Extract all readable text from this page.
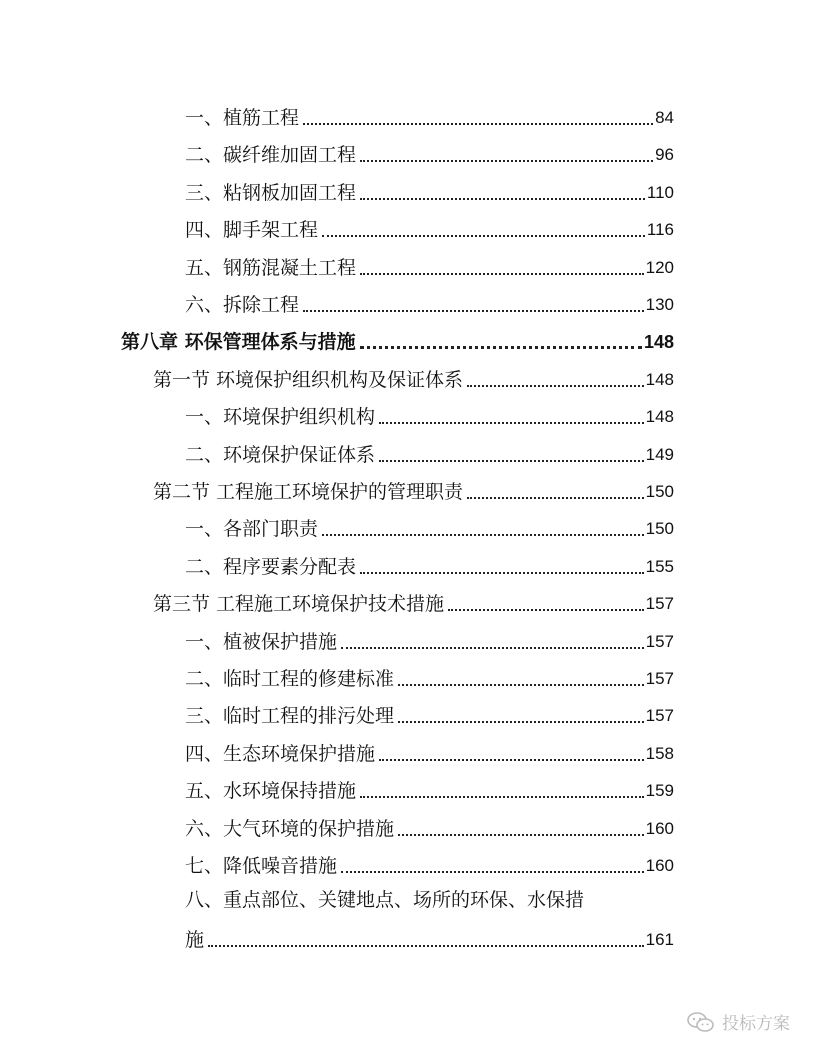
一、植筋工程	84
二、碳纤维加固工程	96
三、粘钢板加固工程	110
四、脚手架工程	116
五、钢筋混凝土工程	120
六、拆除工程	130
第八章 环保管理体系与措施	148
第一节 环境保护组织机构及保证体系	148
一、环境保护组织机构	148
二、环境保护保证体系	149
第二节 工程施工环境保护的管理职责	150
一、各部门职责	150
二、程序要素分配表	155
第三节 工程施工环境保护技术措施	157
一、植被保护措施	157
二、临时工程的修建标准	157
三、临时工程的排污处理	157
四、生态环境保护措施	158
五、水环境保持措施	159
六、大气环境的保护措施	160
七、降低噪音措施	160
八、重点部位、关键地点、场所的环保、水保措
施	161
投标方案
